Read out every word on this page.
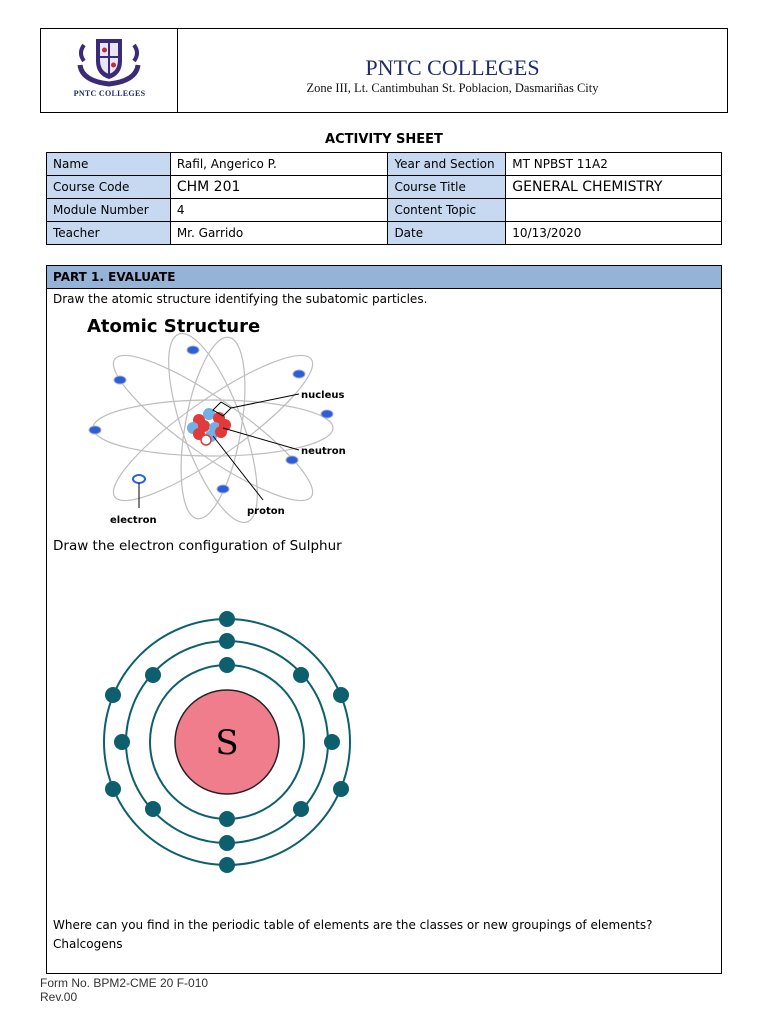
PNTC COLLEGES
PNTC COLLEGES
Zone III, Lt. Cantimbuhan St. Poblacion, Dasmariñas City
ACTIVITY SHEET
Name	Rafil, Angerico P.	Year and Section	MT NPBST 11A2
Course Code	CHM 201	Course Title	GENERAL CHEMISTRY
Module Number	4	Content Topic	
Teacher	Mr. Garrido	Date	10/13/2020
PART 1. EVALUATE
Draw the atomic structure identifying the subatomic particles.
Atomic Structure
nucleus
neutron
proton
electron
Draw the electron configuration of Sulphur
S
Where can you find in the periodic table of elements are the classes or new groupings of elements?
Chalcogens
Form No. BPM2-CME 20 F-010
Rev.00
